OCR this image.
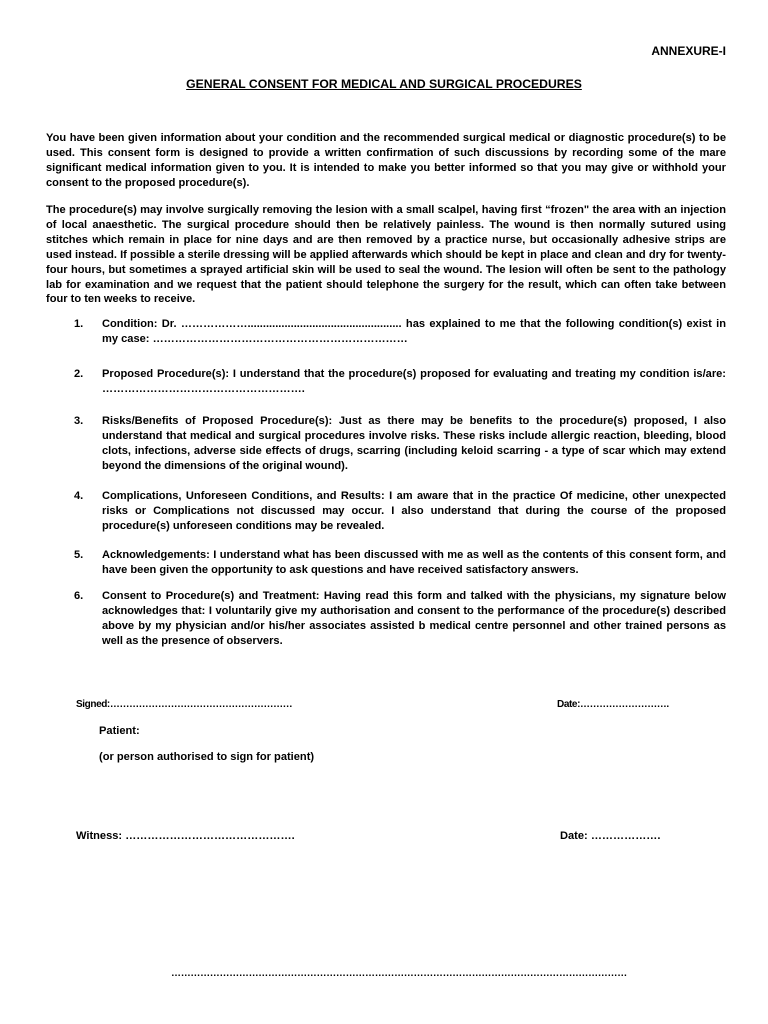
ANNEXURE-I
GENERAL CONSENT FOR MEDICAL AND SURGICAL PROCEDURES

You have been given information about your condition and the recommended surgical medical or diagnostic procedure(s) to be used. This consent form is designed to provide a written confirmation of such discussions by recording some of the mare significant medical information given to you. It is intended to make you better informed so that you may give or withhold your consent to the proposed procedure(s).

The procedure(s) may involve surgically removing the lesion with a small scalpel, having first “frozen" the area with an injection of local anaesthetic. The surgical procedure should then be relatively painless. The wound is then normally sutured using stitches which remain in place for nine days and are then removed by a practice nurse, but occasionally adhesive strips are used instead. If possible a sterile dressing will be applied afterwards which should be kept in place and clean and dry for twenty-four hours, but sometimes a sprayed artificial skin will be used to seal the wound. The lesion will often be sent to the pathology lab for examination and we request that the patient should telephone the surgery for the result, which can often take between four to ten weeks to receive.

1. Condition: Dr. ……………….................................................. has explained to me that the following condition(s) exist in my case: ……………………………………………………………
2. Proposed Procedure(s): I understand that the procedure(s) proposed for evaluating and treating my condition is/are: ……………………………………………….
3. Risks/Benefits of Proposed Procedure(s): Just as there may be benefits to the procedure(s) proposed, I also understand that medical and surgical procedures involve risks. These risks include allergic reaction, bleeding, blood clots, infections, adverse side effects of drugs, scarring (including keloid scarring - a type of scar which may extend beyond the dimensions of the original wound).
4. Complications, Unforeseen Conditions, and Results: I am aware that in the practice Of medicine, other unexpected risks or Complications not discussed may occur. I also understand that during the course of the proposed procedure(s) unforeseen conditions may be revealed.
5. Acknowledgements: I understand what has been discussed with me as well as the contents of this consent form, and have been given the opportunity to ask questions and have received satisfactory answers.
6. Consent to Procedure(s) and Treatment: Having read this form and talked with the physicians, my signature below acknowledges that: I voluntarily give my authorisation and consent to the performance of the procedure(s) described above by my physician and/or his/her associates assisted b medical centre personnel and other trained persons as well as the presence of observers.
Signed:…………………………………………………	Date:……………………….
Patient:
(or person authorised to sign for patient)
Witness: ……………………………………….	Date: ……………….
……………………………………………………………………………………………………………………………
